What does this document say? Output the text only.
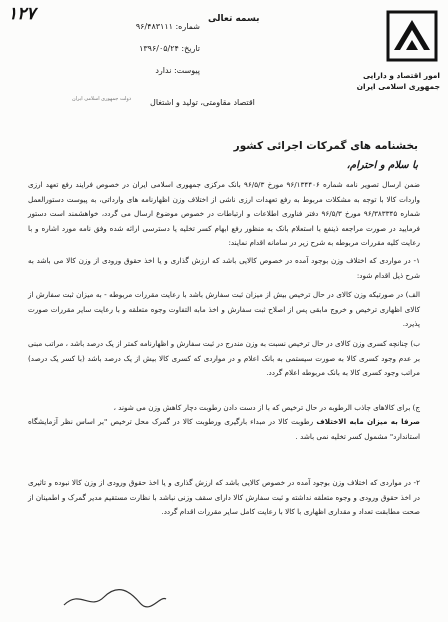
۱۲۷	بسمه تعالی
شماره: ۹۶/۴۸۳۱۱۱
تاریخ: ۱۳۹۶/۰۵/۲۴
پیوست: ندارد
امور اقتصاد و دارایی
جمهوری اسلامی ایران
دولت جمهوری اسلامی ایران اقتصاد مقاومتی، تولید و اشتغال
بخشنامه های گمرکات اجرائی کشور
با سلام و احترام،

ضمن ارسال تصویر نامه شماره ۹۶/۱۳۴۴۰۶ مورخ ۹۶/۵/۳ بانک مرکزی جمهوری اسلامی ایران در خصوص فرایند رفع تعهد ارزی واردات کالا با توجه به مشکلات مربوط به رفع تعهدات ارزی ناشی از اختلاف وزن اظهارنامه های وارداتی، به پیوست دستورالعمل شماره ۹۶/۳۸۳۳۴۵ مورخ ۹۶/۵/۳ دفتر فناوری اطلاعات و ارتباطات در خصوص موضوع ارسال می گردد، خواهشمند است دستور فرمایید در صورت مراجعه ذینفع با استعلام بانک به منظور رفع ابهام کسر تخلیه یا دسترسی ارائه شده وفق نامه مورد اشاره و با رعایت کلیه مقررات مربوطه به شرح زیر در سامانه اقدام نمایند:

۱- در مواردی که اختلاف وزن بوجود آمده در خصوص کالایی باشد که ارزش گذاری و یا اخذ حقوق ورودی از وزن کالا می باشد به شرح ذیل اقدام شود:

الف) در صورتیکه وزن کالای در حال ترخیص بیش از میزان ثبت سفارش باشد با رعایت مقررات مربوطه - به میزان ثبت سفارش از کالای اظهاری ترخیص و خروج مابقی پس از اصلاح ثبت سفارش و اخذ مابه التفاوت وجوه متعلقه و با رعایت سایر مقررات صورت پذیرد.

ب) چنانچه کسری وزن کالای در حال ترخیص نسبت به وزن مندرج در ثبت سفارش و اظهارنامه کمتر از یک درصد باشد ، مراتب مبنی بر عدم وجود کسری کالا به صورت سیستمی به بانک اعلام و در مواردی که کسری کالا بیش از یک درصد باشد (با کسر یک درصد) مراتب وجود کسری کالا به بانک مربوطه اعلام گردد.

ج) برای کالاهای جاذب الرطوبه در حال ترخیص که با از دست دادن رطوبت دچار کاهش وزن می شوند ،

صرفا به میزان مابه الاختلاف رطوبت کالا در مبداء بارگیری ورطوبت کالا در گمرک محل ترخیص "بر اساس نظر آزمایشگاه استاندارد" مشمول کسر تخلیه نمی باشد .

۲- در مواردی که اختلاف وزن بوجود آمده در خصوص کالایی باشد که ارزش گذاری و یا اخذ حقوق ورودی از وزن کالا نبوده و تاثیری در اخذ حقوق ورودی و وجوه متعلقه نداشته و ثبت سفارش کالا دارای سقف وزنی نباشد با نظارت مستقیم مدیر گمرک و اطمینان از صحت مطابقت تعداد و مقداری اظهاری با کالا با رعایت کامل سایر مقررات اقدام گردد.
